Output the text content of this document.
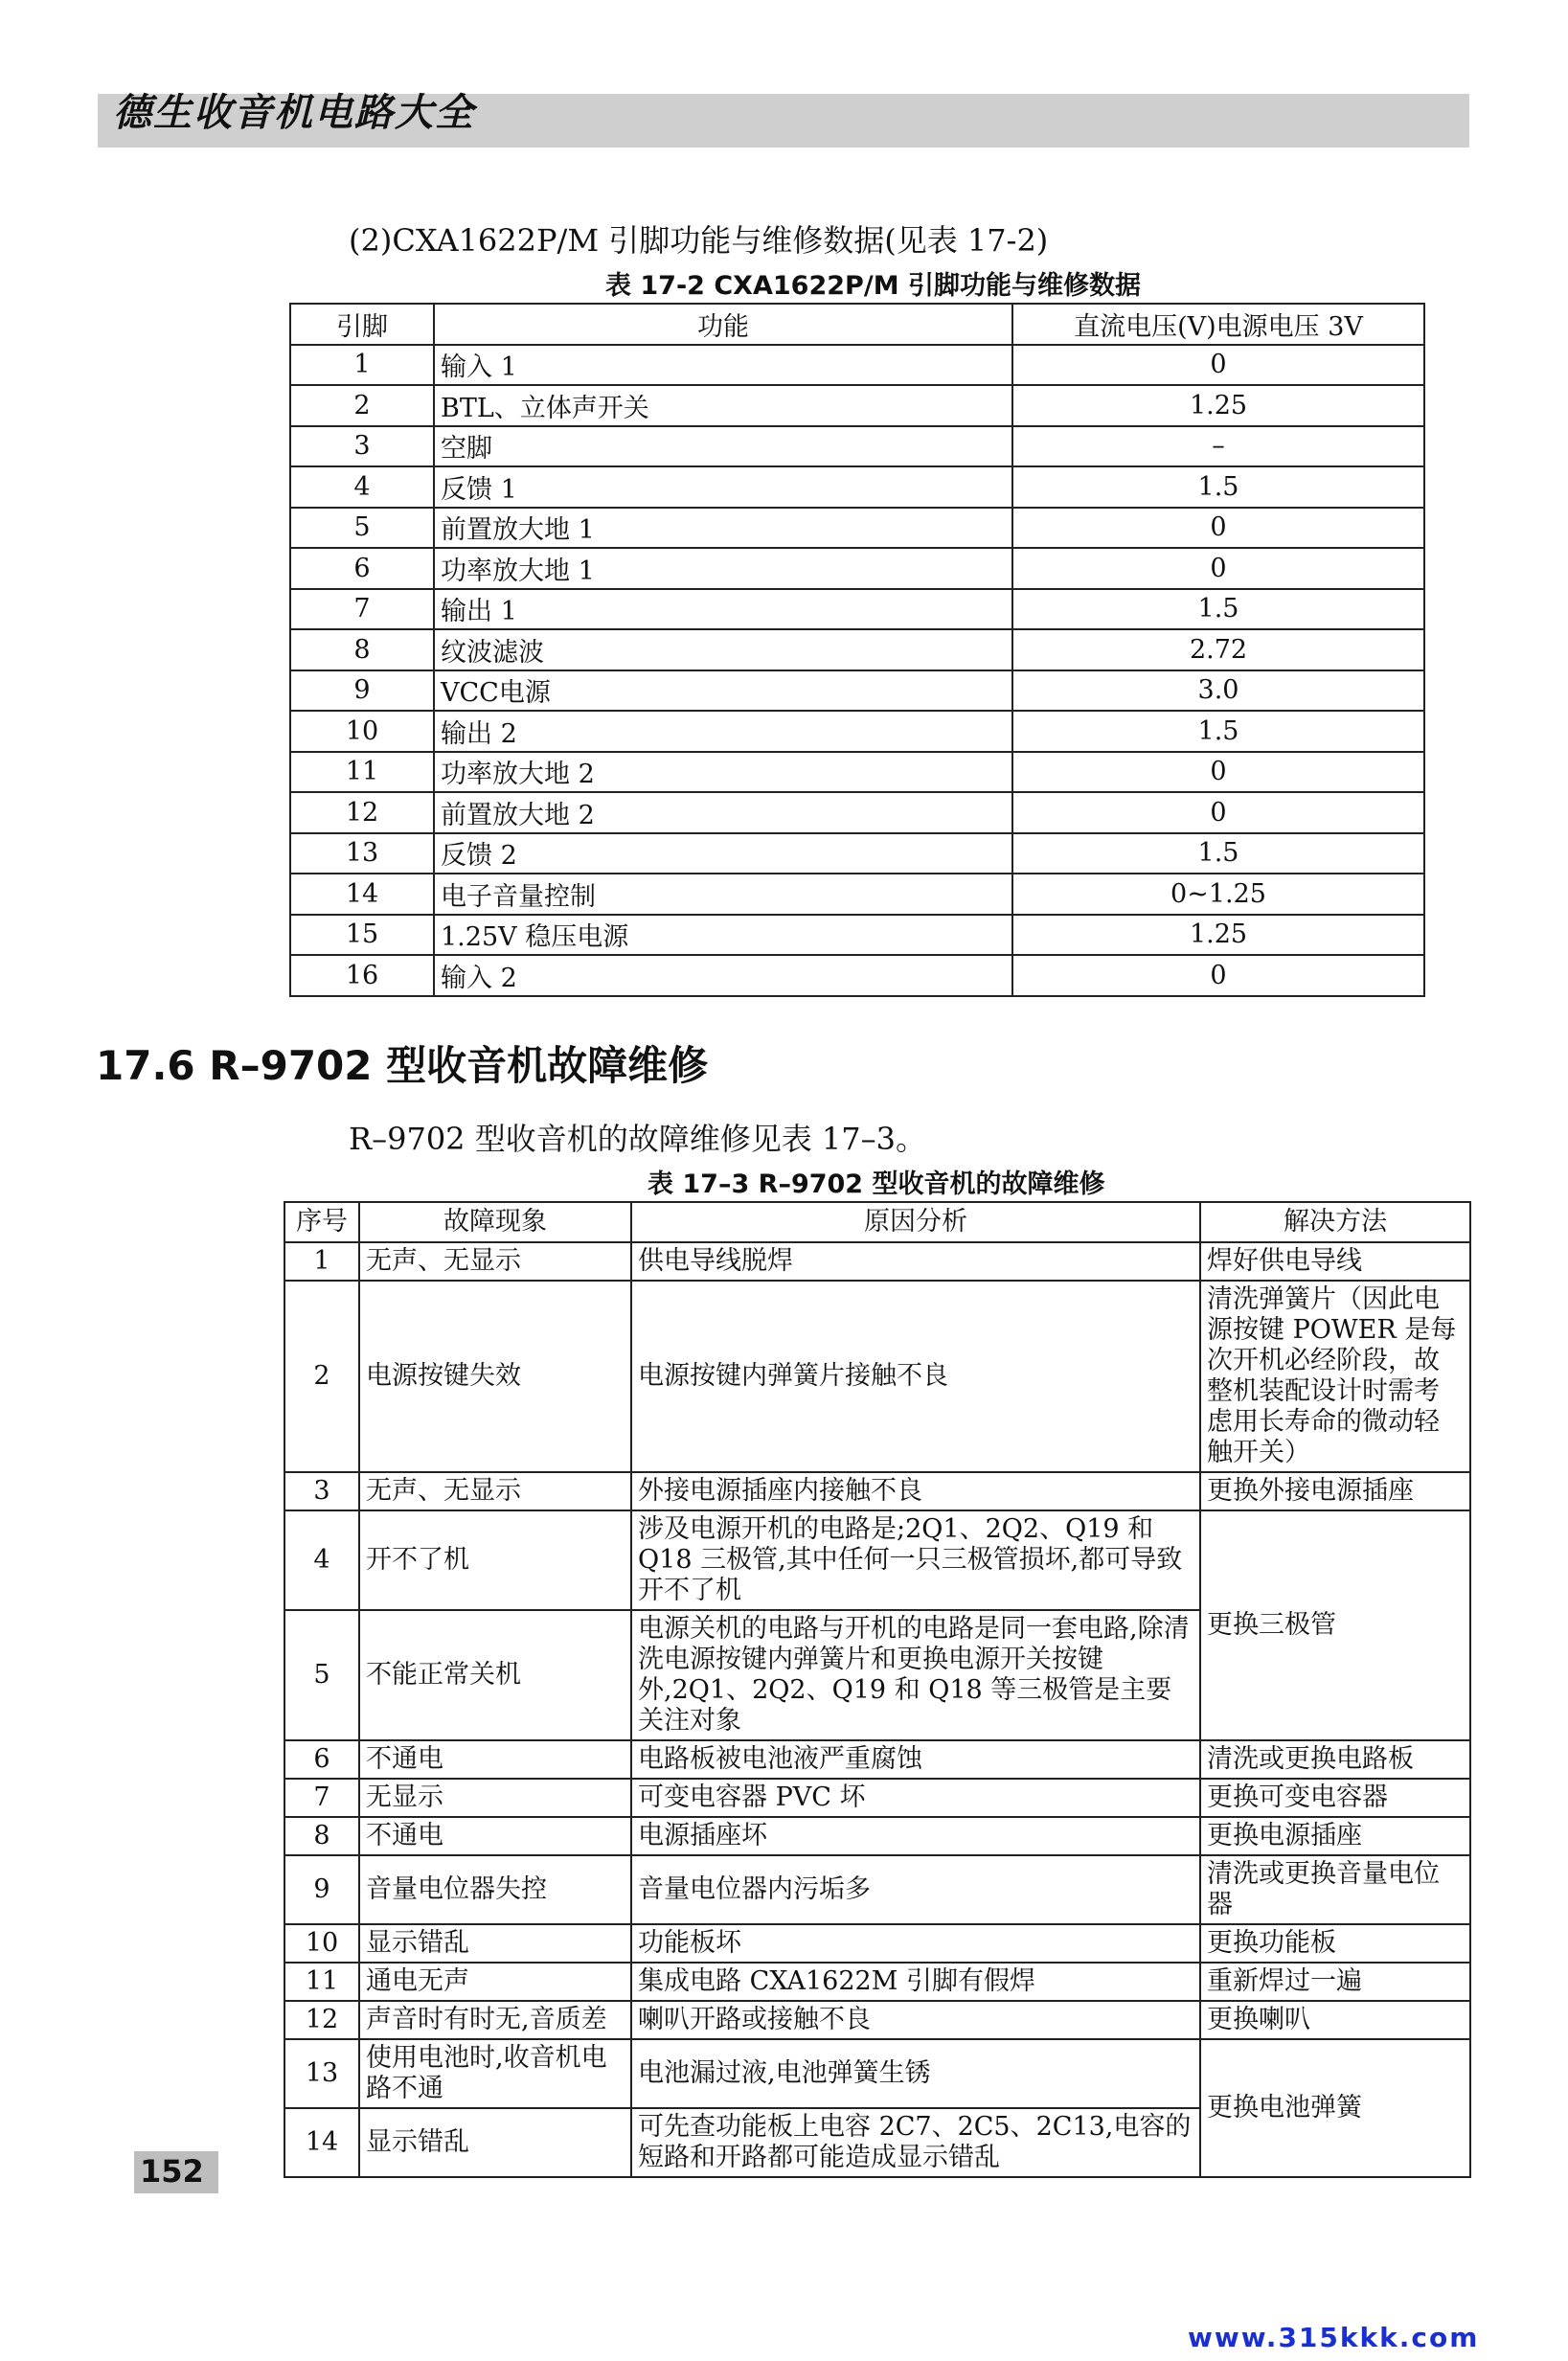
德生收音机电路大全
(2)CXA1622P/M 引脚功能与维修数据(见表 17-2)
表 17-2 CXA1622P/M 引脚功能与维修数据
引脚	功能	直流电压(V)电源电压 3V
1	输入 1	0
2	BTL、立体声开关	1.25
3	空脚	–
4	反馈 1	1.5
5	前置放大地 1	0
6	功率放大地 1	0
7	输出 1	1.5
8	纹波滤波	2.72
9	VCC电源	3.0
10	输出 2	1.5
11	功率放大地 2	0
12	前置放大地 2	0
13	反馈 2	1.5
14	电子音量控制	0~1.25
15	1.25V 稳压电源	1.25
16	输入 2	0
17.6 R–9702 型收音机故障维修
R–9702 型收音机的故障维修见表 17–3。
表 17–3 R–9702 型收音机的故障维修
序号	故障现象	原因分析	解决方法
1	无声、无显示	供电导线脱焊	焊好供电导线
2	电源按键失效	电源按键内弹簧片接触不良	清洗弹簧片（因此电源按键 POWER 是每次开机必经阶段，故整机装配设计时需考虑用长寿命的微动轻触开关）
3	无声、无显示	外接电源插座内接触不良	更换外接电源插座
4	开不了机	涉及电源开机的电路是;2Q1、2Q2、Q19 和 Q18 三极管,其中任何一只三极管损坏,都可导致开不了机	更换三极管
5	不能正常关机	电源关机的电路与开机的电路是同一套电路,除清洗电源按键内弹簧片和更换电源开关按键外,2Q1、2Q2、Q19 和 Q18 等三极管是主要关注对象	
6	不通电	电路板被电池液严重腐蚀	清洗或更换电路板
7	无显示	可变电容器 PVC 坏	更换可变电容器
8	不通电	电源插座坏	更换电源插座
9	音量电位器失控	音量电位器内污垢多	清洗或更换音量电位器
10	显示错乱	功能板坏	更换功能板
11	通电无声	集成电路 CXA1622M 引脚有假焊	重新焊过一遍
12	声音时有时无,音质差	喇叭开路或接触不良	更换喇叭
13	使用电池时,收音机电路不通	电池漏过液,电池弹簧生锈	更换电池弹簧
14	显示错乱	可先查功能板上电容 2C7、2C5、2C13,电容的短路和开路都可能造成显示错乱	
152
www.315kkk.com
